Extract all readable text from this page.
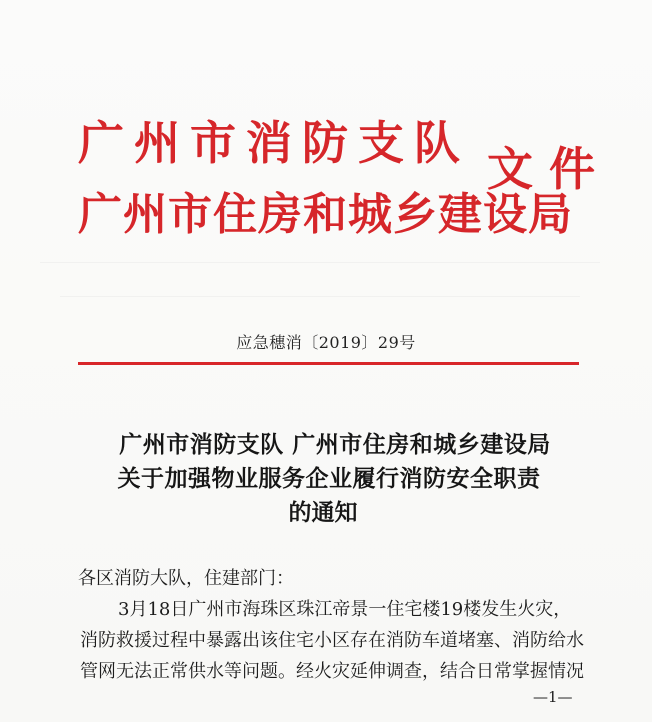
广州市消防支队 文件
广州市住房和城乡建设局
应急穗消〔2019〕29号
广州市消防支队 广州市住房和城乡建设局
关于加强物业服务企业履行消防安全职责
的通知
各区消防大队，住建部门：
3月18日广州市海珠区珠江帝景一住宅楼19楼发生火灾，
消防救援过程中暴露出该住宅小区存在消防车道堵塞、消防给水
管网无法正常供水等问题。经火灾延伸调查，结合日常掌握情况
—1—
